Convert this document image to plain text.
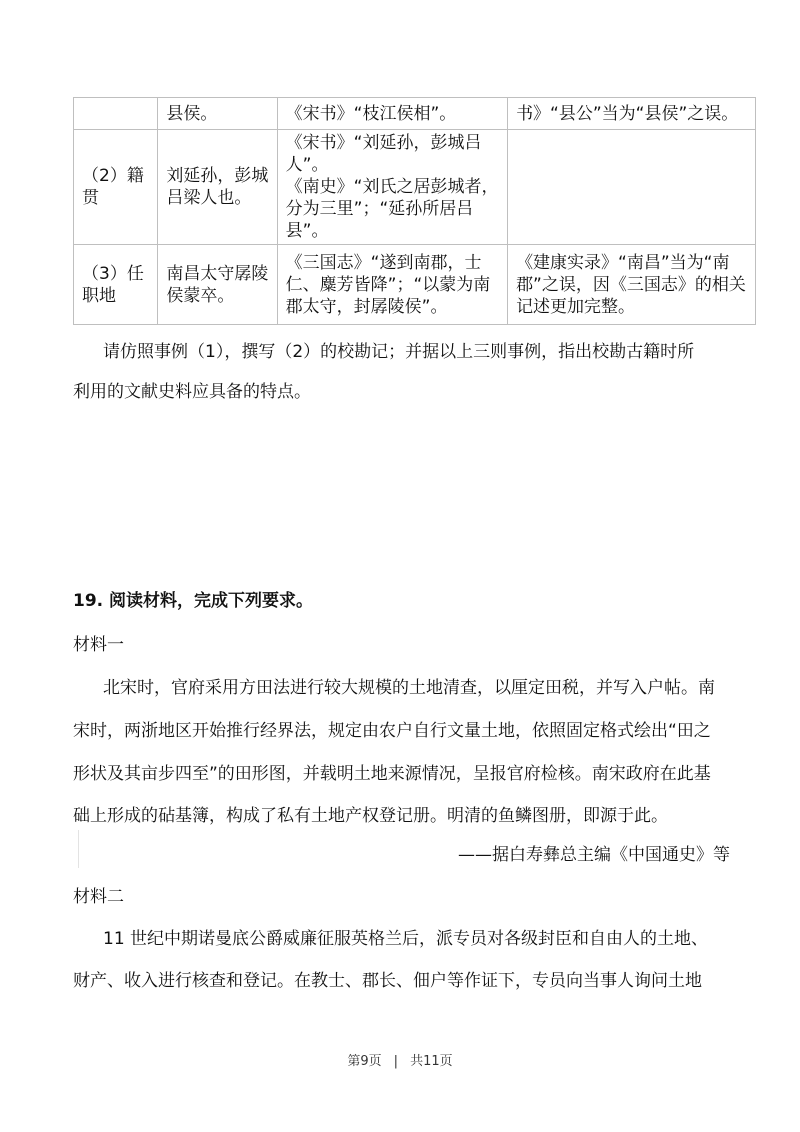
	县侯。	《宋书》“枝江侯相”。	书》“县公”当为“县侯”之误。
（2）籍贯	刘延孙，彭城吕梁人也。	《宋书》“刘延孙，彭城吕人”。
《南史》“刘氏之居彭城者，分为三里”；“延孙所居吕县”。	

（3）任职地	南昌太守孱陵侯蒙卒。	《三国志》“遂到南郡，士仁、麋芳皆降”；“以蒙为南郡太守，封孱陵侯”。	《建康实录》“南昌”当为“南郡”之误，因《三国志》的相关记述更加完整。

请仿照事例（1），撰写（2）的校勘记；并据以上三则事例，指出校勘古籍时所

利用的文献史料应具备的特点。

19. 阅读材料，完成下列要求。

材料一

北宋时，官府采用方田法进行较大规模的土地清查，以厘定田税，并写入户帖。南

宋时，两浙地区开始推行经界法，规定由农户自行文量土地，依照固定格式绘出“田之

形状及其亩步四至”的田形图，并载明土地来源情况，呈报官府检核。南宋政府在此基

础上形成的砧基簿，构成了私有土地产权登记册。明清的鱼鳞图册，即源于此。

——据白寿彝总主编《中国通史》等

材料二

11 世纪中期诺曼底公爵威廉征服英格兰后，派专员对各级封臣和自由人的土地、

财产、收入进行核查和登记。在教士、郡长、佃户等作证下，专员向当事人询问土地

第9页 | 共11页
